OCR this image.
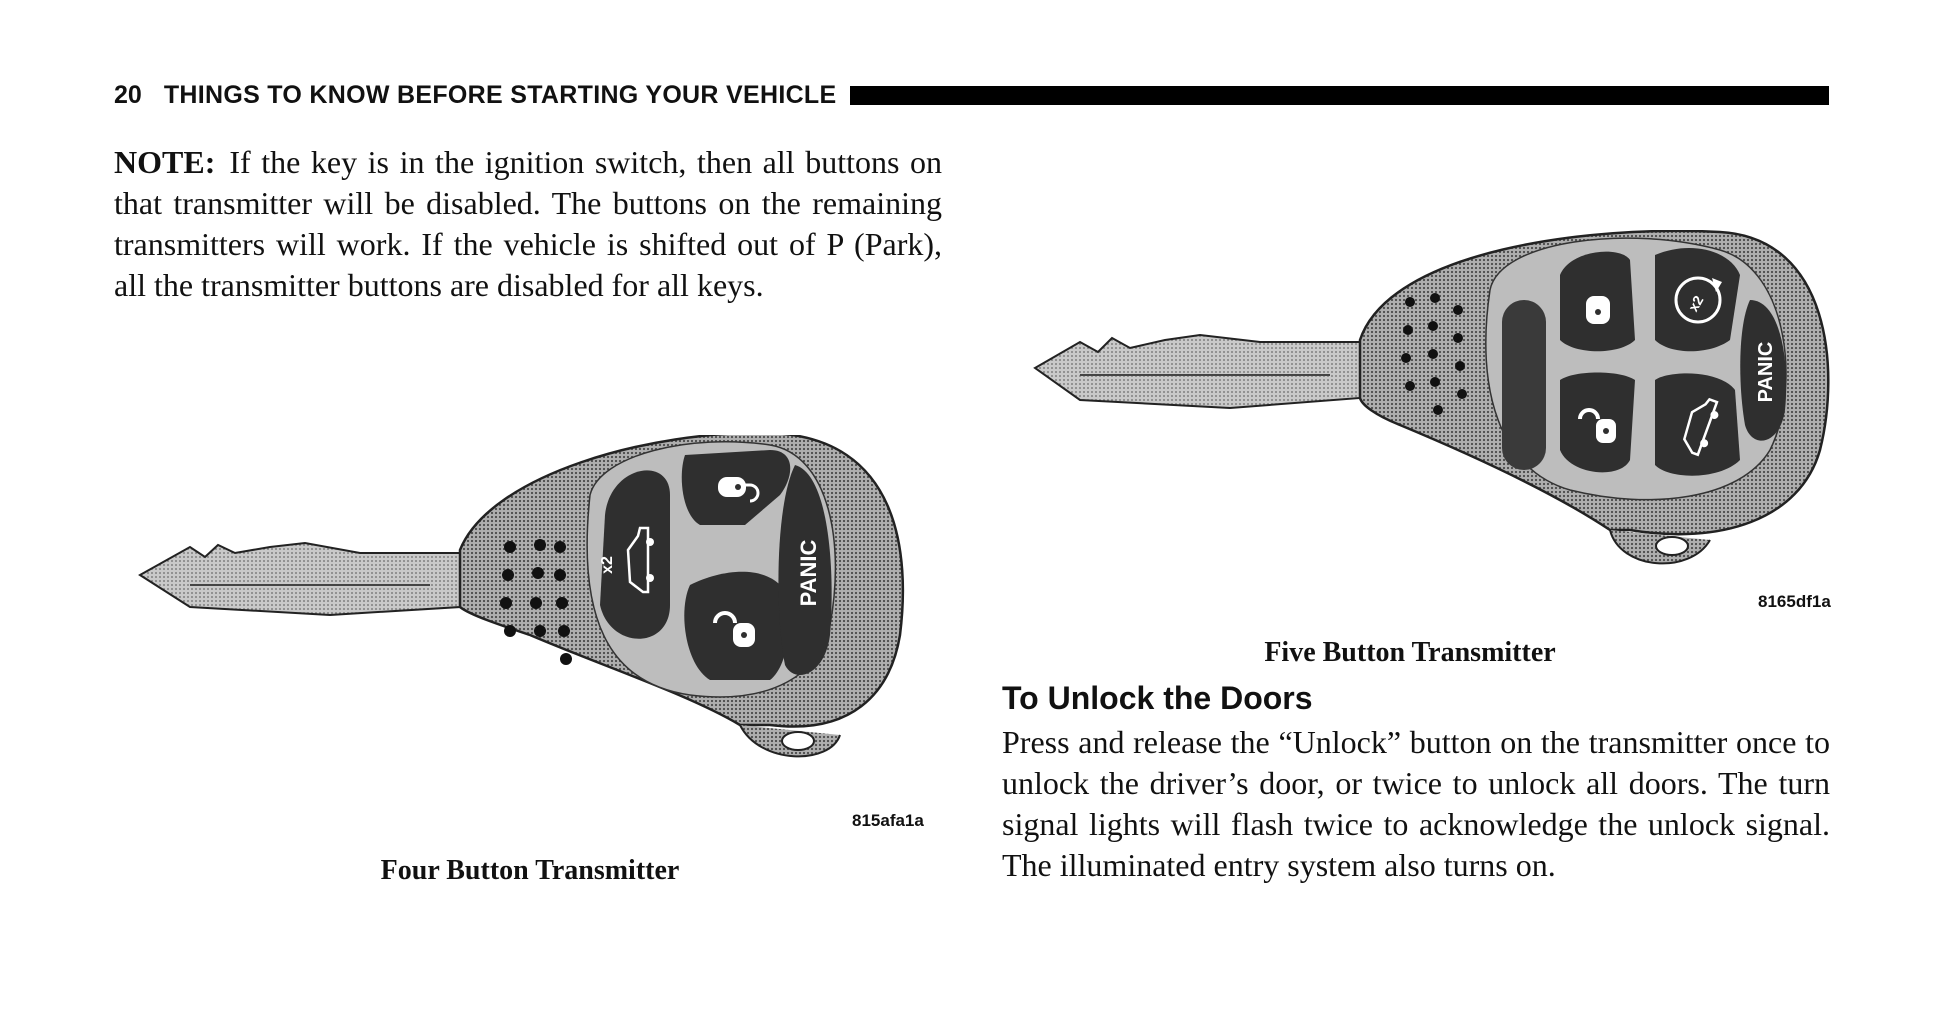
20 THINGS TO KNOW BEFORE STARTING YOUR VEHICLE
NOTE: If the key is in the ignition switch, then all buttons on that transmitter will be disabled. The buttons on the remaining transmitters will work. If the vehicle is shifted out of P (Park), all the transmitter buttons are disabled for all keys.
x2	PANIC
815afa1a
Four Button Transmitter
x2
PANIC
8165df1a
Five Button Transmitter
To Unlock the Doors
Press and release the “Unlock” button on the transmitter once to unlock the driver’s door, or twice to unlock all doors. The turn signal lights will flash twice to acknowledge the unlock signal. The illuminated entry system also turns on.
